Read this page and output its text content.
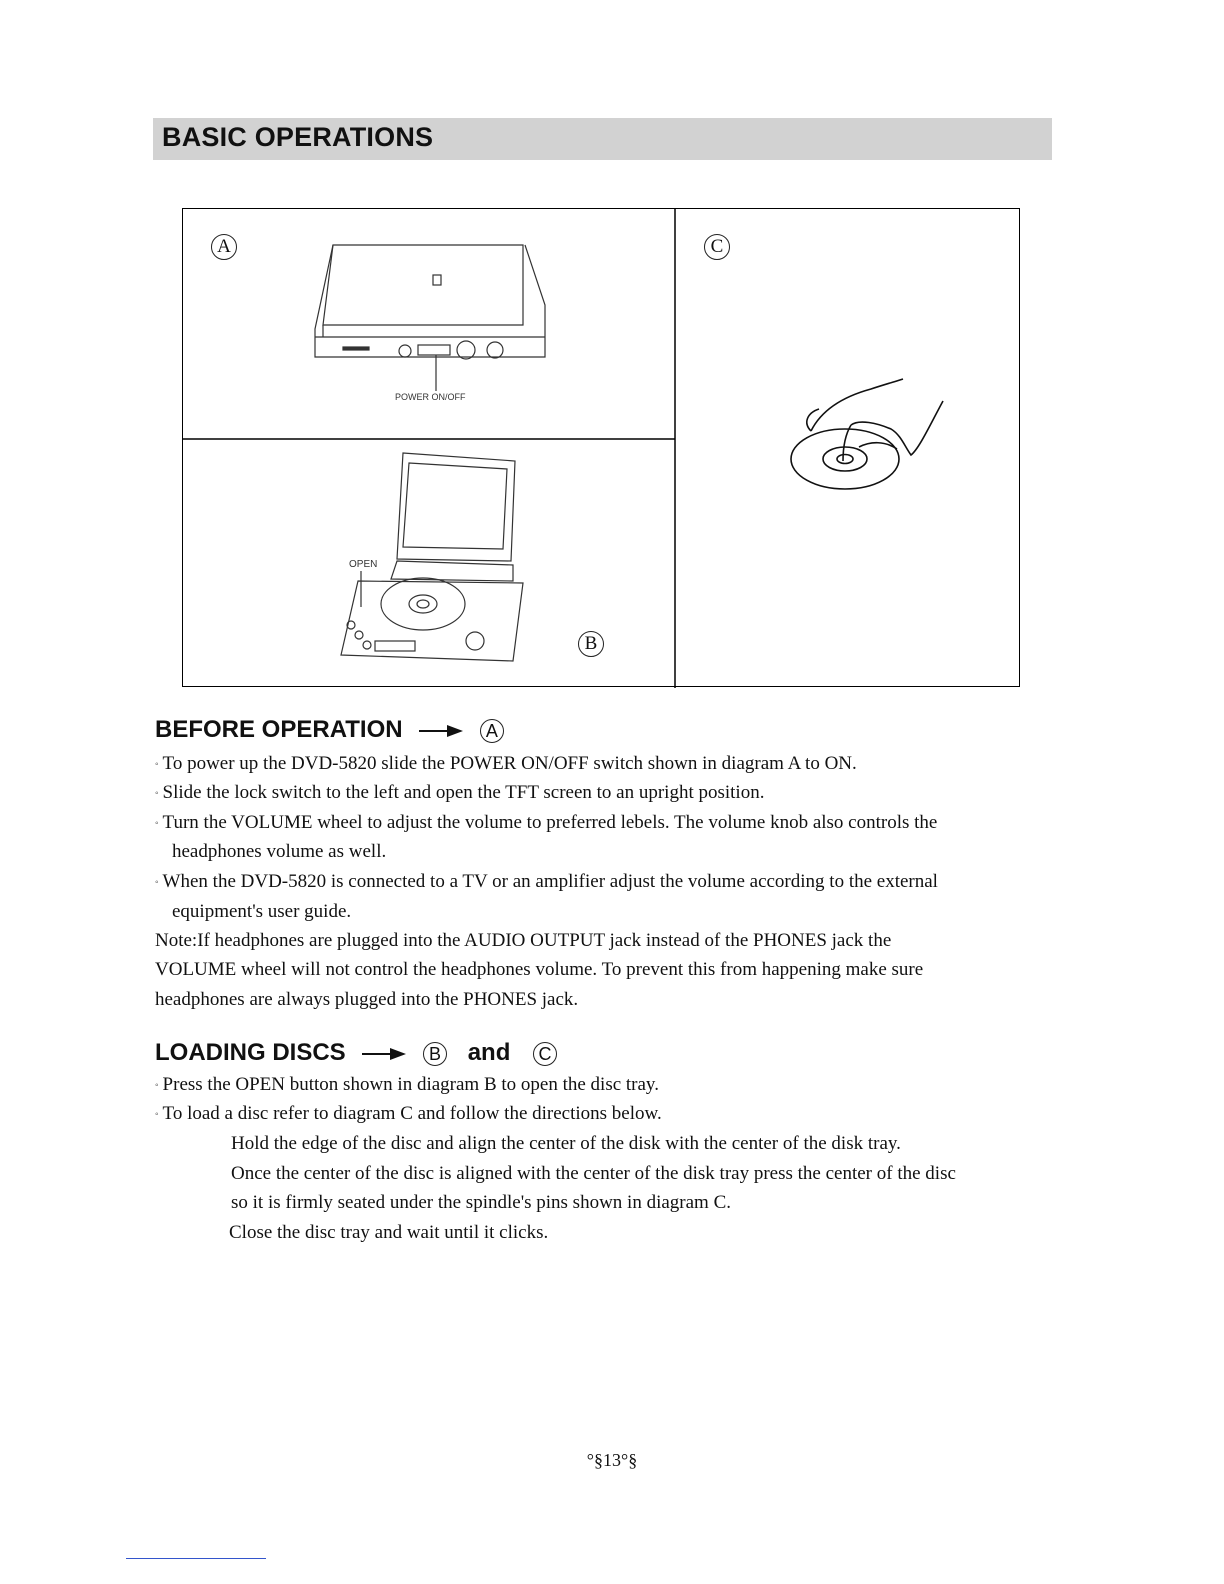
BASIC OPERATIONS
POWER ON/OFF
OPEN
A
B
C
BEFORE OPERATION	A
◦ To power up the DVD-5820 slide the POWER ON/OFF switch shown in diagram A to ON.
◦ Slide the lock switch to the left and open the TFT screen to an upright position.
◦ Turn the VOLUME wheel to adjust the volume to preferred lebels. The volume knob also controls the
headphones volume as well.
◦ When the DVD-5820 is connected to a TV or an amplifier adjust the volume according to the external
equipment's user guide.
Note:If headphones are plugged into the AUDIO OUTPUT jack instead of the PHONES jack the
VOLUME wheel will not control the headphones volume. To prevent this from happening make sure
headphones are always plugged into the PHONES jack.
LOADING DISCS	B and C
◦ Press the OPEN button shown in diagram B to open the disc tray.
◦ To load a disc refer to diagram C and follow the directions below.
Hold the edge of the disc and align the center of the disk with the center of the disk tray.
Once the center of the disc is aligned with the center of the disk tray press the center of the disc
so it is firmly seated under the spindle's pins shown in diagram C.
Close the disc tray and wait until it clicks.
°§13°§
